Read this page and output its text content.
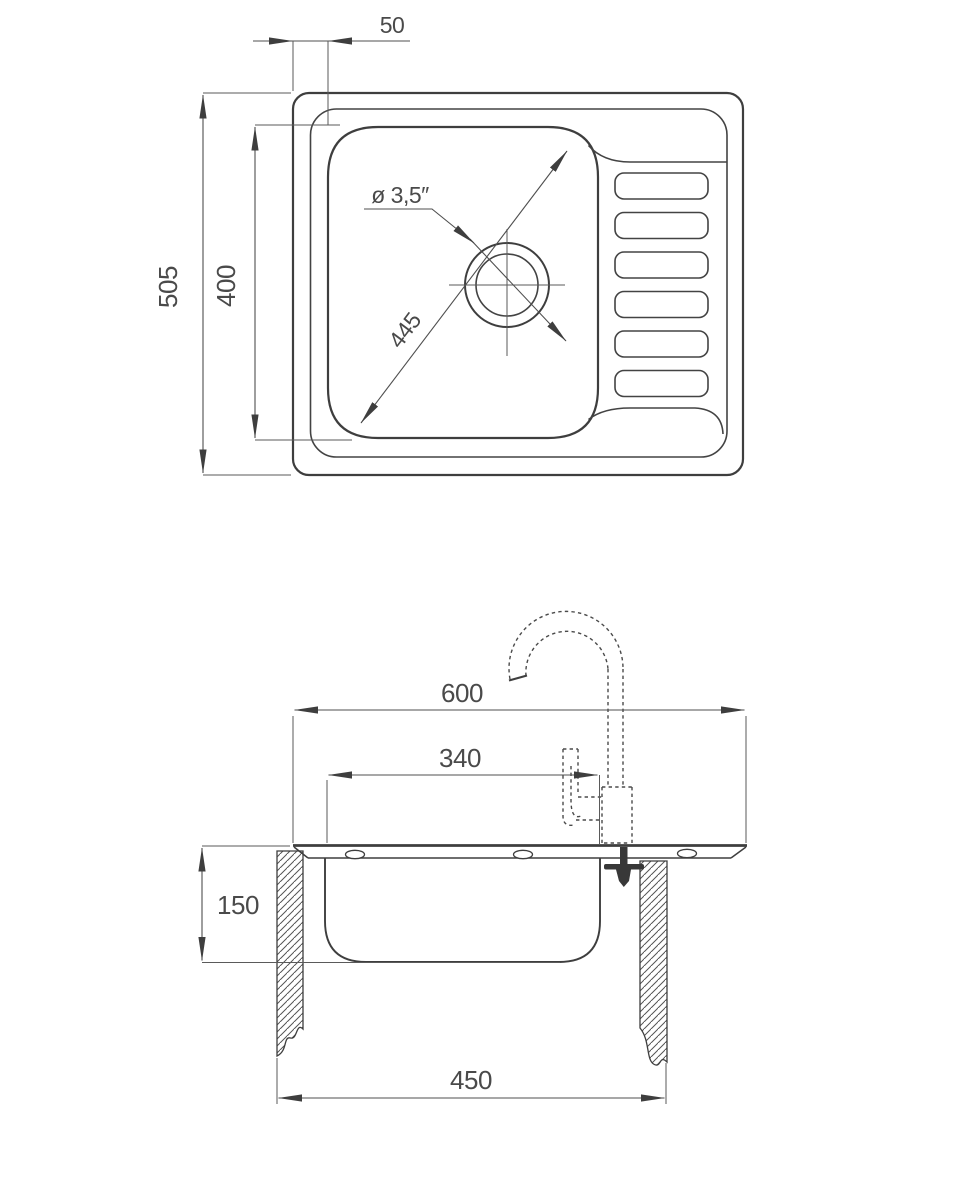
ø 3,5″
445
50
505 400
600
340
150
450
